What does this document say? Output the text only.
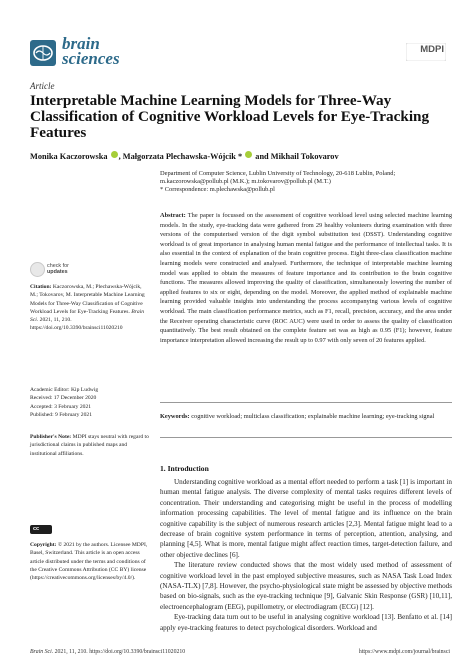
brain
sciences	MDPI
Article
Interpretable Machine Learning Models for Three-Way Classification of Cognitive Workload Levels for Eye-Tracking Features
Monika Kaczorowska , Małgorzata Plechawska-Wójcik *  and Mikhail Tokovarov
Department of Computer Science, Lublin University of Technology, 20-618 Lublin, Poland;
m.kaczorowska@pollub.pl (M.K.); m.tokovarov@pollub.pl (M.T.)
* Correspondence: m.plechawska@pollub.pl
Abstract: The paper is focussed on the assessment of cognitive workload level using selected machine learning models. In the study, eye-tracking data were gathered from 29 healthy volunteers during examination with three versions of the computerised version of the digit symbol substitution test (DSST). Understanding cognitive workload is of great importance in analysing human mental fatigue and the performance of intellectual tasks. It is also essential in the context of explanation of the brain cognitive process. Eight three-class classification machine learning models were constructed and analysed. Furthermore, the technique of interpretable machine learning model was applied to obtain the measures of feature importance and its contribution to the brain cognitive functions. The measures allowed improving the quality of classification, simultaneously lowering the number of applied features to six or eight, depending on the model. Moreover, the applied method of explainable machine learning provided valuable insights into understanding the process accompanying various levels of cognitive workload. The main classification performance metrics, such as F1, recall, precision, accuracy, and the area under the Receiver operating characteristic curve (ROC AUC) were used in order to assess the quality of classification quantitatively. The best result obtained on the complete feature set was as high as 0.95 (F1); however, feature importance interpretation allowed increasing the result up to 0.97 with only seven of 20 features applied.
Keywords: cognitive workload; multiclass classification; explainable machine learning; eye-tracking signal
check for
updates
Citation: Kaczorowska, M.; Plechawska-Wójcik, M.; Tokovarov, M. Interpretable Machine Learning Models for Three-Way Classification of Cognitive Workload Levels for Eye-Tracking Features. Brain Sci. 2021, 11, 210. https://doi.org/10.3390/brainsci11020210
Academic Editor: Kip Ludwig
Received: 17 December 2020
Accepted: 3 February 2021
Published: 9 February 2021
Publisher's Note: MDPI stays neutral with regard to jurisdictional claims in published maps and institutional affiliations.
cc
Copyright: © 2021 by the authors. Licensee MDPI, Basel, Switzerland. This article is an open access article distributed under the terms and conditions of the Creative Commons Attribution (CC BY) license (https://creativecommons.org/licenses/by/4.0/).
1. Introduction

Understanding cognitive workload as a mental effort needed to perform a task [1] is important in human mental fatigue analysis. The diverse complexity of mental tasks requires different levels of concentration. Their understanding and categorising might be useful in the process of modelling information processing capabilities. The level of mental fatigue and its influence on the brain cognitive capability is the subject of numerous research articles [2,3]. Mental fatigue might lead to a decrease of brain cognitive system performance in terms of perception, attention, analysing, and planning [4,5]. What is more, mental fatigue might affect reaction times, target-detection failure, and other objective declines [6].

The literature review conducted shows that the most widely used method of assessment of cognitive workload level in the past employed subjective measures, such as NASA Task Load Index (NASA-TLX) [7,8]. However, the psycho-physiological state might be assessed by objective methods based on bio-signals, such as the eye-tracking technique [9], Galvanic Skin Response (GSR) [10,11], electroencephalogram (EEG), pupillometry, or electrodiagram (ECG) [12].

Eye-tracking data turn out to be useful in analysing cognitive workload [13]. Benfatto et al. [14] apply eye-tracking features to detect psychological disorders. Workload and

Brain Sci. 2021, 11, 210. https://doi.org/10.3390/brainsci11020210	https://www.mdpi.com/journal/brainsci
